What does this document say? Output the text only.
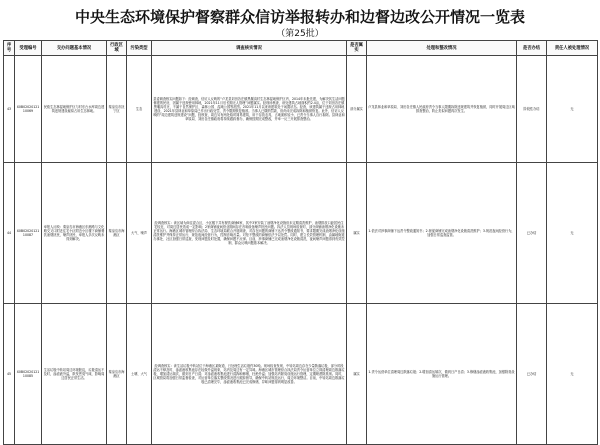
中央生态环境保护督察群众信访举报转办和边督边改公开情况一览表
（第25批）
序号	受理编号	交办问题基本情况	行政区域	污染类型	调查核实情况	是否属实	处理和整改情况	是否办结	责任人被处理情况
43	X0B0202012110069	民欧生态林湿地保护区与村东台水库周边建筑违规建设疑似占用生态林地。	秦皇岛市抚宁区	生态	县委调查核实问题如下：经调查，信访人反映的“卢龙县刘田各庄镇黑堰沟村生态林湿地保护区内，2014年未批先建，为解决其生活问题修建的民房，因属于违规使用林地，2021年11月后长期无人管理”问题属实。经现场核查，该处建筑占地面积约2.4亩，位于刘田各庄镇黑堰沟村北，不属于自然保护区、森林公园、湿地公园等范围。2021年11月以来该建筑处于闲置状态。经查，该建筑属于违规占用林地建设，2021年县林业和草原局已作出行政处罚，责令限期恢复植被。当事人已缴纳罚款，但尚未完成拆除和植被恢复。此外，信访人反映的“周边建筑违规建设”问题，经核查，周边另有两处临时简易建筑，用于存放农具，占地面积较小，已责令当事人自行拆除。县林业和草原局、刘田各庄镇政府将持续跟踪督办，确保按期完成整改，并举一反三开展排查整治。	部分属实	卢龙县林业和草原局、刘田各庄镇人民政府责令当事人限期拆除违规建筑并恢复植被，同时开展周边区域排查整治，防止类似问题再次发生。	阶段性办结	无
44	X0B0202012110087	举报人反映：秦皇岛市海港区东港路与文化路交叉口附近住宅小区附近小区楼下商铺餐饮油烟扰民，噪声扰民，举报人多次反映未得到解决。	秦皇岛市海港区	大气、噪声	经调查核实：该区域为商住混合区，小区楼下共有餐饮商铺6家，其中3家安装了油烟净化设施但未定期清洗维护，油烟排放口距居民住宅较近，对周边居民造成一定影响；2家商铺夜间营业期间存在音响设备噪声扰民问题。执法人员现场检查时，部分商铺油烟净化设施未正常运行。海港区城市管理综合执法局、生态环境局联合开展调查，对存在问题的商铺下达责令整改通知书，要求限期完成油烟净化设施清洗维护并保持正常运行，规范夜间经营行为，控制音响音量。对拒不整改的商铺依法予以处罚。同时，建立长效管理机制，由属地街道办事处、社区加强日常巡查，发现问题及时处置，确保问题不反弹。目前，涉事商铺已完成油烟净化设施清洗，夜间噪声问题得到有效控制，群众反映问题基本解决。	属实	1.依法对涉事商铺下达责令整改通知书；2.督促商铺完成油烟净化设施清洗维护；3.规范夜间经营行为，加强日常巡查监管。	已办结	无
45	X0B0202012110085	生活垃圾中转站周边环境脏乱，垃圾清运不及时，渗滤液外溢，散发恶臭气味，影响周边居民正常生活。	秦皇岛市海港区	土壤、大气	经调查核实：该生活垃圾中转站位于海港区某街道，日处理生活垃圾约30吨。现场检查发现，中转站周边存在少量散落垃圾，部分时段清运不够及时，渗滤液收集池存在轻微外溢现象，站内及周边有一定异味。海港区城市管理综合执法局责令运营单位立即清理周边散落垃圾，增加清运频次，做到日产日清；对渗滤液收集池进行清掏和修缮，杜绝外溢；加强站内除臭设施运行管理，定期喷洒除臭剂。同时，区城管局将加强日常监督检查，对运营单位落实整改情况进行跟踪督导，确保中转站规范运行，周边环境整洁。目前，中转站周边散落垃圾已清理完毕，渗滤液收集池已完成修缮，异味问题得到明显改善。	属实	1.责令运营单位清理周边散落垃圾；2.增加清运频次，做到日产日清；3.修缮渗滤液收集池，加强除臭设施运行管理。	已办结	无
